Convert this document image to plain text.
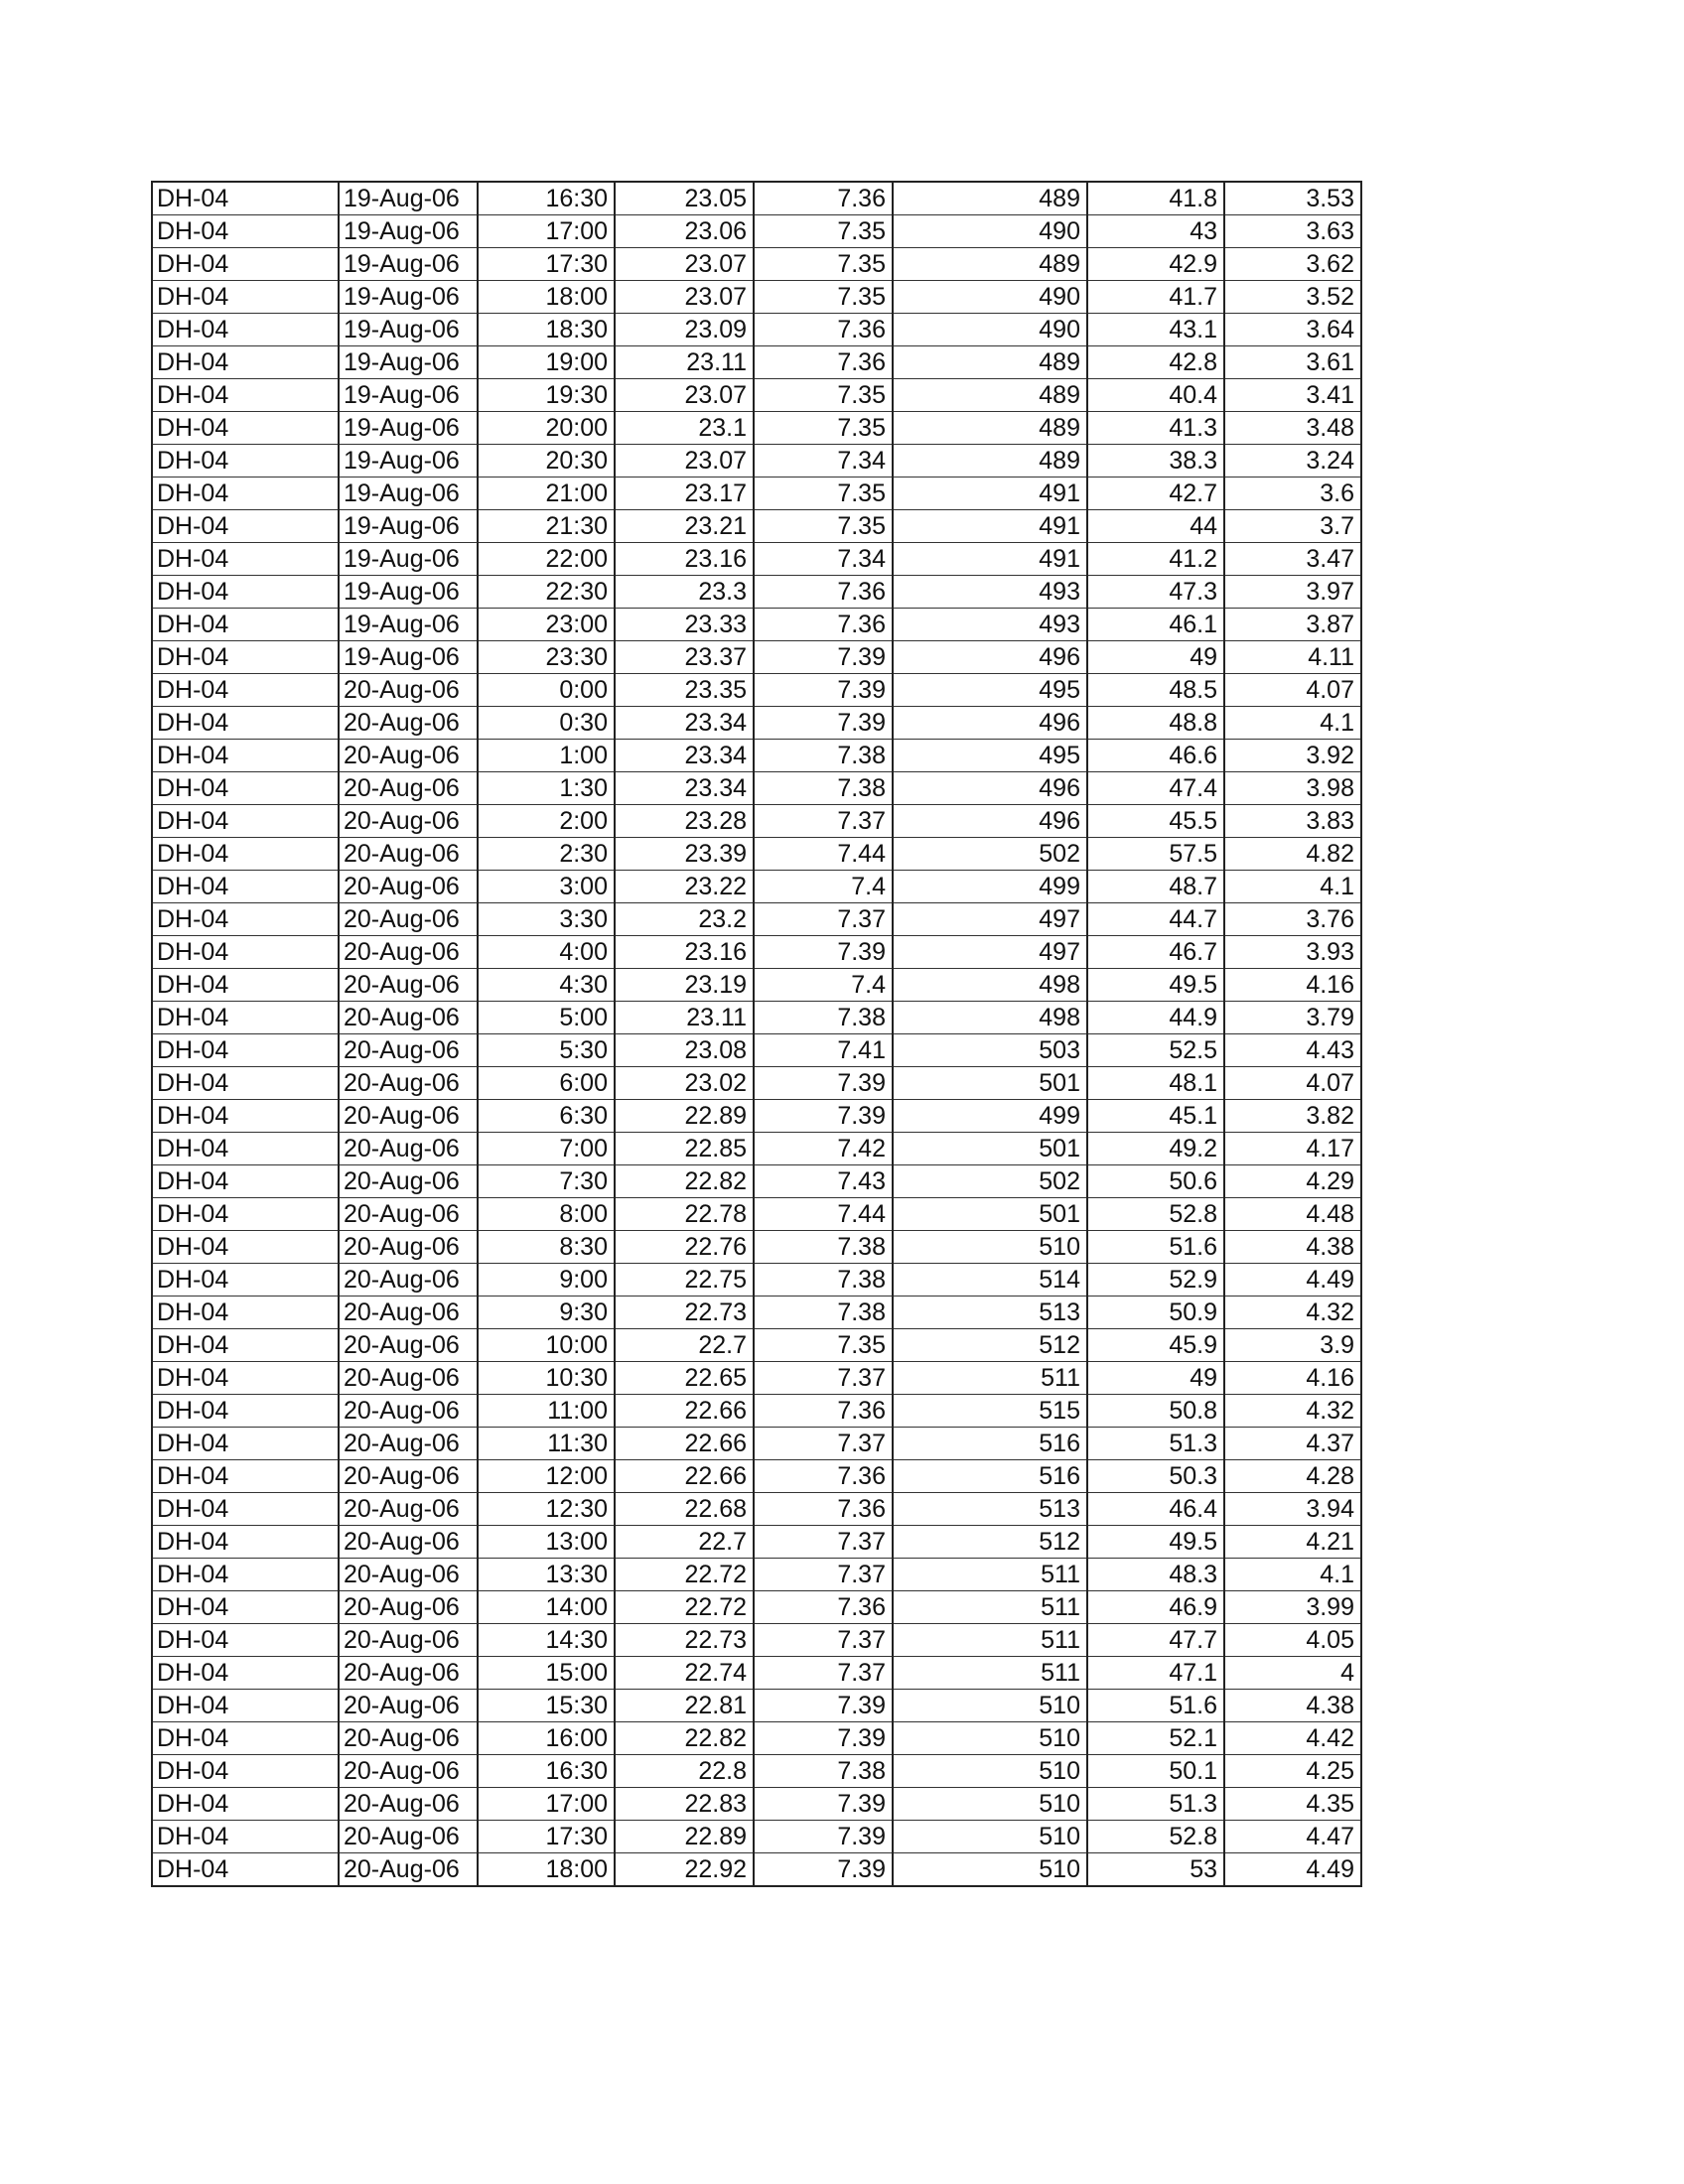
DH-04	19-Aug-06	16:30	23.05	7.36	489	41.8	3.53
DH-04	19-Aug-06	17:00	23.06	7.35	490	43	3.63
DH-04	19-Aug-06	17:30	23.07	7.35	489	42.9	3.62
DH-04	19-Aug-06	18:00	23.07	7.35	490	41.7	3.52
DH-04	19-Aug-06	18:30	23.09	7.36	490	43.1	3.64
DH-04	19-Aug-06	19:00	23.11	7.36	489	42.8	3.61
DH-04	19-Aug-06	19:30	23.07	7.35	489	40.4	3.41
DH-04	19-Aug-06	20:00	23.1	7.35	489	41.3	3.48
DH-04	19-Aug-06	20:30	23.07	7.34	489	38.3	3.24
DH-04	19-Aug-06	21:00	23.17	7.35	491	42.7	3.6
DH-04	19-Aug-06	21:30	23.21	7.35	491	44	3.7
DH-04	19-Aug-06	22:00	23.16	7.34	491	41.2	3.47
DH-04	19-Aug-06	22:30	23.3	7.36	493	47.3	3.97
DH-04	19-Aug-06	23:00	23.33	7.36	493	46.1	3.87
DH-04	19-Aug-06	23:30	23.37	7.39	496	49	4.11
DH-04	20-Aug-06	0:00	23.35	7.39	495	48.5	4.07
DH-04	20-Aug-06	0:30	23.34	7.39	496	48.8	4.1
DH-04	20-Aug-06	1:00	23.34	7.38	495	46.6	3.92
DH-04	20-Aug-06	1:30	23.34	7.38	496	47.4	3.98
DH-04	20-Aug-06	2:00	23.28	7.37	496	45.5	3.83
DH-04	20-Aug-06	2:30	23.39	7.44	502	57.5	4.82
DH-04	20-Aug-06	3:00	23.22	7.4	499	48.7	4.1
DH-04	20-Aug-06	3:30	23.2	7.37	497	44.7	3.76
DH-04	20-Aug-06	4:00	23.16	7.39	497	46.7	3.93
DH-04	20-Aug-06	4:30	23.19	7.4	498	49.5	4.16
DH-04	20-Aug-06	5:00	23.11	7.38	498	44.9	3.79
DH-04	20-Aug-06	5:30	23.08	7.41	503	52.5	4.43
DH-04	20-Aug-06	6:00	23.02	7.39	501	48.1	4.07
DH-04	20-Aug-06	6:30	22.89	7.39	499	45.1	3.82
DH-04	20-Aug-06	7:00	22.85	7.42	501	49.2	4.17
DH-04	20-Aug-06	7:30	22.82	7.43	502	50.6	4.29
DH-04	20-Aug-06	8:00	22.78	7.44	501	52.8	4.48
DH-04	20-Aug-06	8:30	22.76	7.38	510	51.6	4.38
DH-04	20-Aug-06	9:00	22.75	7.38	514	52.9	4.49
DH-04	20-Aug-06	9:30	22.73	7.38	513	50.9	4.32
DH-04	20-Aug-06	10:00	22.7	7.35	512	45.9	3.9
DH-04	20-Aug-06	10:30	22.65	7.37	511	49	4.16
DH-04	20-Aug-06	11:00	22.66	7.36	515	50.8	4.32
DH-04	20-Aug-06	11:30	22.66	7.37	516	51.3	4.37
DH-04	20-Aug-06	12:00	22.66	7.36	516	50.3	4.28
DH-04	20-Aug-06	12:30	22.68	7.36	513	46.4	3.94
DH-04	20-Aug-06	13:00	22.7	7.37	512	49.5	4.21
DH-04	20-Aug-06	13:30	22.72	7.37	511	48.3	4.1
DH-04	20-Aug-06	14:00	22.72	7.36	511	46.9	3.99
DH-04	20-Aug-06	14:30	22.73	7.37	511	47.7	4.05
DH-04	20-Aug-06	15:00	22.74	7.37	511	47.1	4
DH-04	20-Aug-06	15:30	22.81	7.39	510	51.6	4.38
DH-04	20-Aug-06	16:00	22.82	7.39	510	52.1	4.42
DH-04	20-Aug-06	16:30	22.8	7.38	510	50.1	4.25
DH-04	20-Aug-06	17:00	22.83	7.39	510	51.3	4.35
DH-04	20-Aug-06	17:30	22.89	7.39	510	52.8	4.47
DH-04	20-Aug-06	18:00	22.92	7.39	510	53	4.49
